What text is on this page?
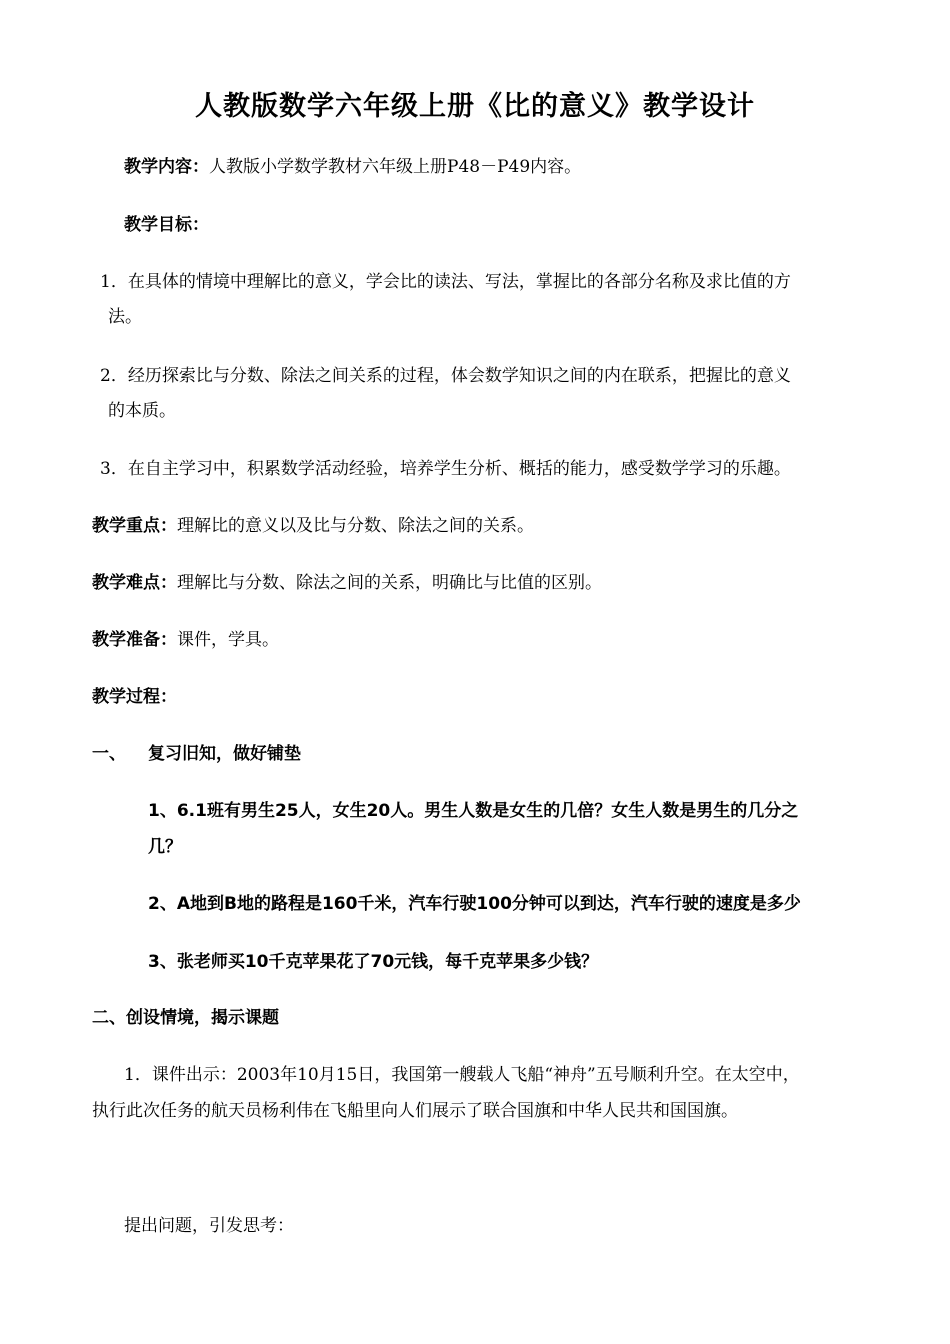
人教版数学六年级上册《比的意义》教学设计
教学内容：人教版小学数学教材六年级上册P48－P49内容。
教学目标：
1．在具体的情境中理解比的意义，学会比的读法、写法，掌握比的各部分名称及求比值的方
法。
2．经历探索比与分数、除法之间关系的过程，体会数学知识之间的内在联系，把握比的意义
的本质。
3．在自主学习中，积累数学活动经验，培养学生分析、概括的能力，感受数学学习的乐趣。
教学重点：理解比的意义以及比与分数、除法之间的关系。
教学难点：理解比与分数、除法之间的关系，明确比与比值的区别。
教学准备：课件，学具。
教学过程：
一、 复习旧知，做好铺垫
1、6.1班有男生25人，女生20人。男生人数是女生的几倍？女生人数是男生的几分之
几？
2、A地到B地的路程是160千米，汽车行驶100分钟可以到达，汽车行驶的速度是多少
3、张老师买10千克苹果花了70元钱，每千克苹果多少钱？
二、创设情境，揭示课题
1．课件出示：2003年10月15日，我国第一艘载人飞船“神舟”五号顺利升空。在太空中，
执行此次任务的航天员杨利伟在飞船里向人们展示了联合国旗和中华人民共和国国旗。
提出问题，引发思考：
